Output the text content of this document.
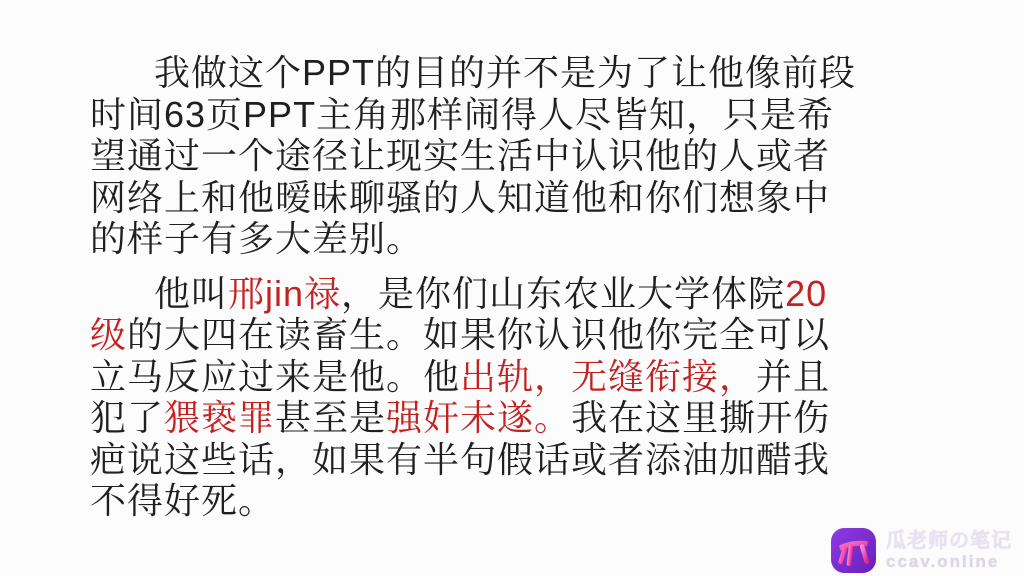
我做这个PPT的目的并不是为了让他像前段
时间63页PPT主角那样闹得人尽皆知，只是希
望通过一个途径让现实生活中认识他的人或者
网络上和他暧昧聊骚的人知道他和你们想象中
的样子有多大差别。
他叫邢jin禄，是你们山东农业大学体院20
级的大四在读畜生。如果你认识他你完全可以
立马反应过来是他。他出轨，无缝衔接，并且
犯了猥亵罪甚至是强奸未遂。我在这里撕开伤
疤说这些话，如果有半句假话或者添油加醋我
不得好死。
瓜老师の笔记
ccav.online
